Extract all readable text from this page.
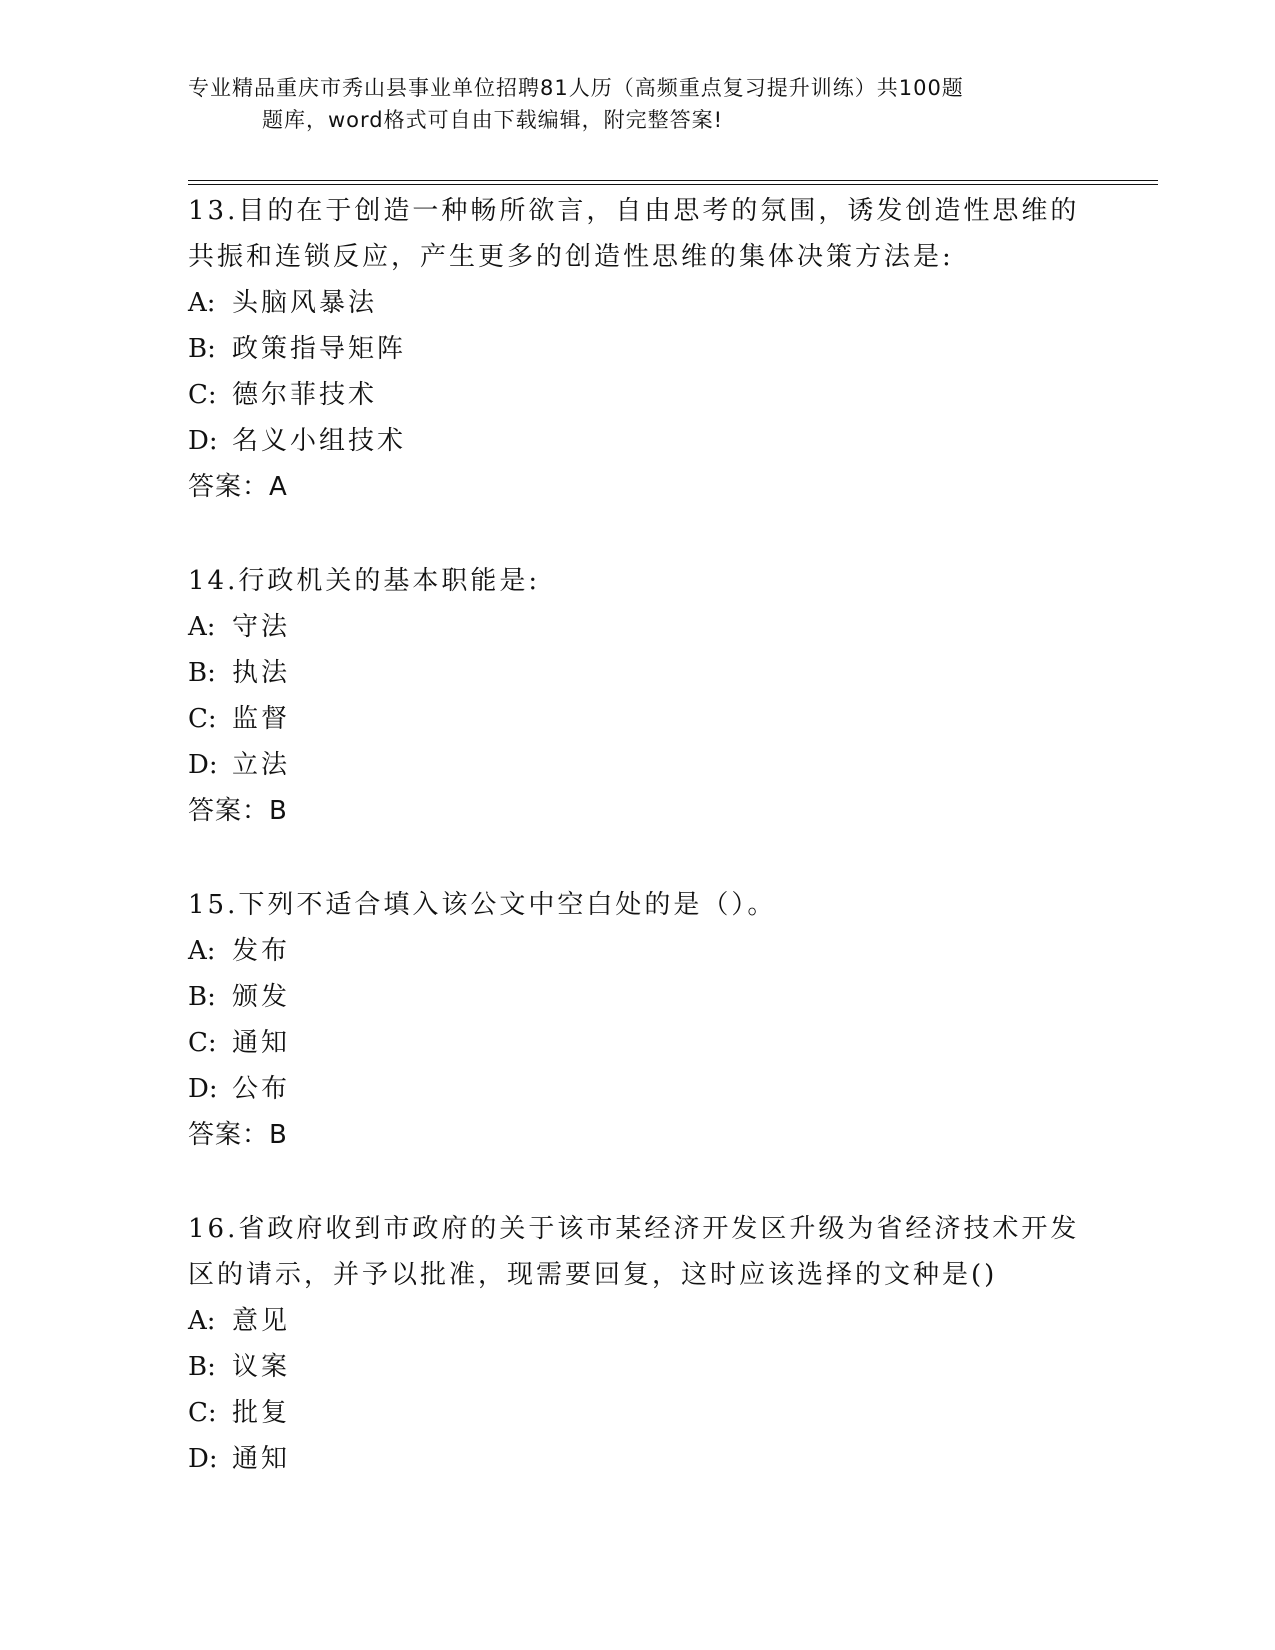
专业精品重庆市秀山县事业单位招聘81人历（高频重点复习提升训练）共100题
题库，word格式可自由下载编辑，附完整答案!
13.目的在于创造一种畅所欲言，自由思考的氛围，诱发创造性思维的共振和连锁反应，产生更多的创造性思维的集体决策方法是:
A: 头脑风暴法
B: 政策指导矩阵
C: 德尔菲技术
D: 名义小组技术
答案：A
14.行政机关的基本职能是:
A: 守法
B: 执法
C: 监督
D: 立法
答案：B
15.下列不适合填入该公文中空白处的是（）。
A: 发布
B: 颁发
C: 通知
D: 公布
答案：B
16.省政府收到市政府的关于该市某经济开发区升级为省经济技术开发区的请示，并予以批准，现需要回复，这时应该选择的文种是()
A: 意见
B: 议案
C: 批复
D: 通知
